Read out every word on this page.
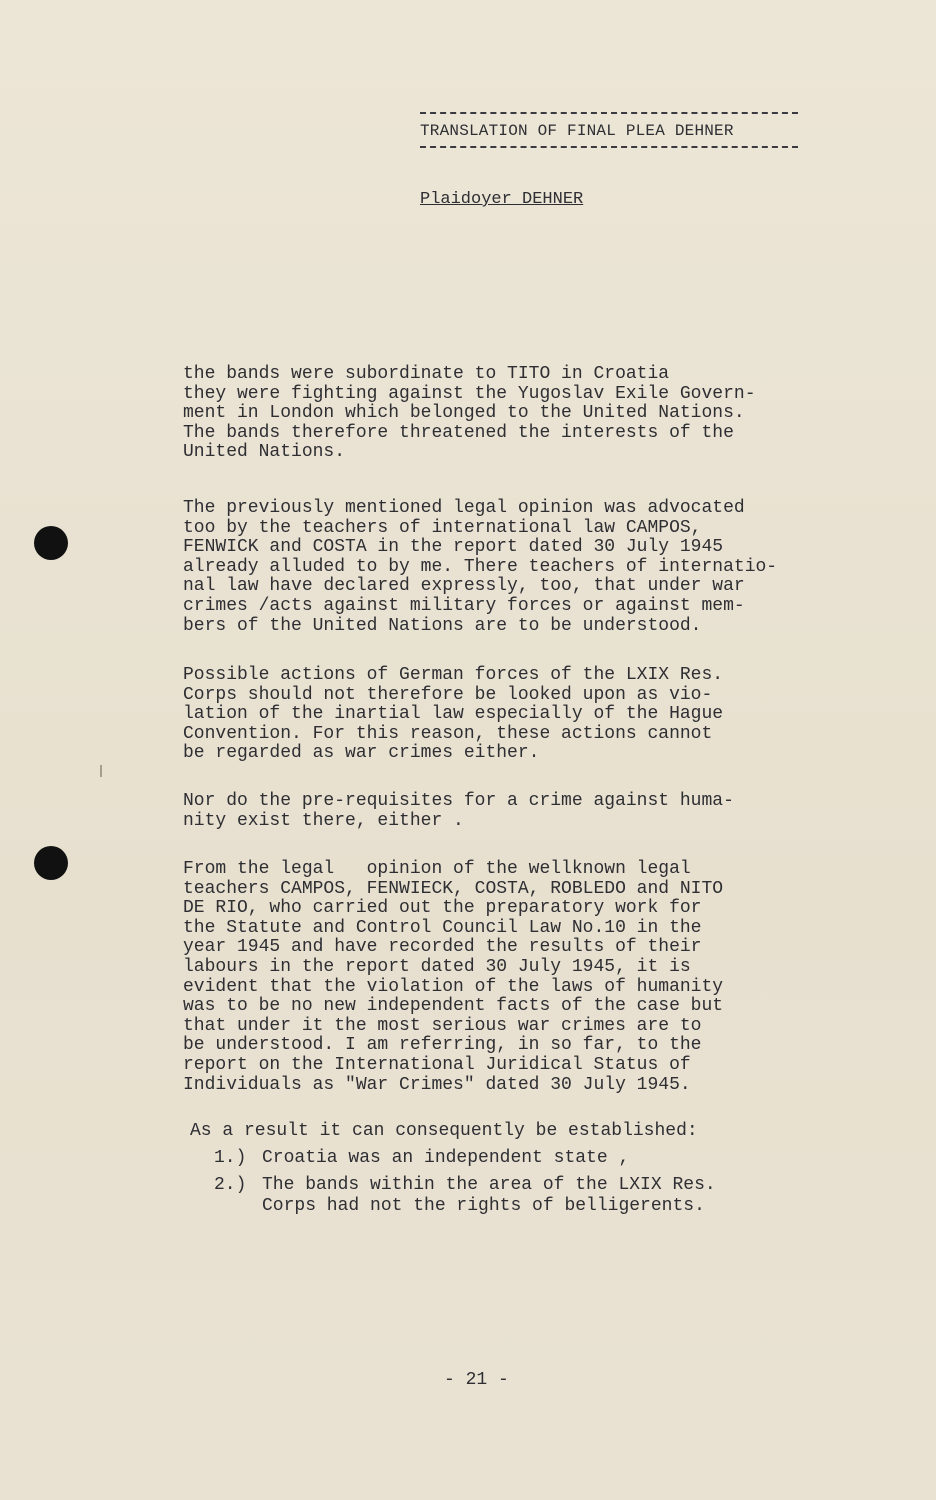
TRANSLATION OF FINAL PLEA DEHNER
Plaidoyer DEHNER

the bands were subordinate to TITO in Croatia
they were fighting against the Yugoslav Exile Govern-
ment in London which belonged to the United Nations.
The bands therefore threatened the interests of the
United Nations.

The previously mentioned legal opinion was advocated
too by the teachers of international law CAMPOS,
FENWICK and COSTA in the report dated 30 July 1945
already alluded to by me. There teachers of internatio-
nal law have declared expressly, too, that under war
crimes /acts against military forces or against mem-
bers of the United Nations are to be understood.

Possible actions of German forces of the LXIX Res.
Corps should not therefore be looked upon as vio-
lation of the inartial law especially of the Hague
Convention. For this reason, these actions cannot
be regarded as war crimes either.

Nor do the pre-requisites for a crime against huma-
nity exist there, either .

From the legal   opinion of the wellknown legal
teachers CAMPOS, FENWIECK, COSTA, ROBLEDO and NITO
DE RIO, who carried out the preparatory work for
the Statute and Control Council Law No.10 in the
year 1945 and have recorded the results of their
labours in the report dated 30 July 1945, it is
evident that the violation of the laws of humanity
was to be no new independent facts of the case but
that under it the most serious war crimes are to
be understood. I am referring, in so far, to the
report on the International Juridical Status of
Individuals as "War Crimes" dated 30 July 1945.

As a result it can consequently be established:

1.) Croatia was an independent state ,
2.) The bands within the area of the LXIX Res.
Corps had not the rights of belligerents.
- 21 -
